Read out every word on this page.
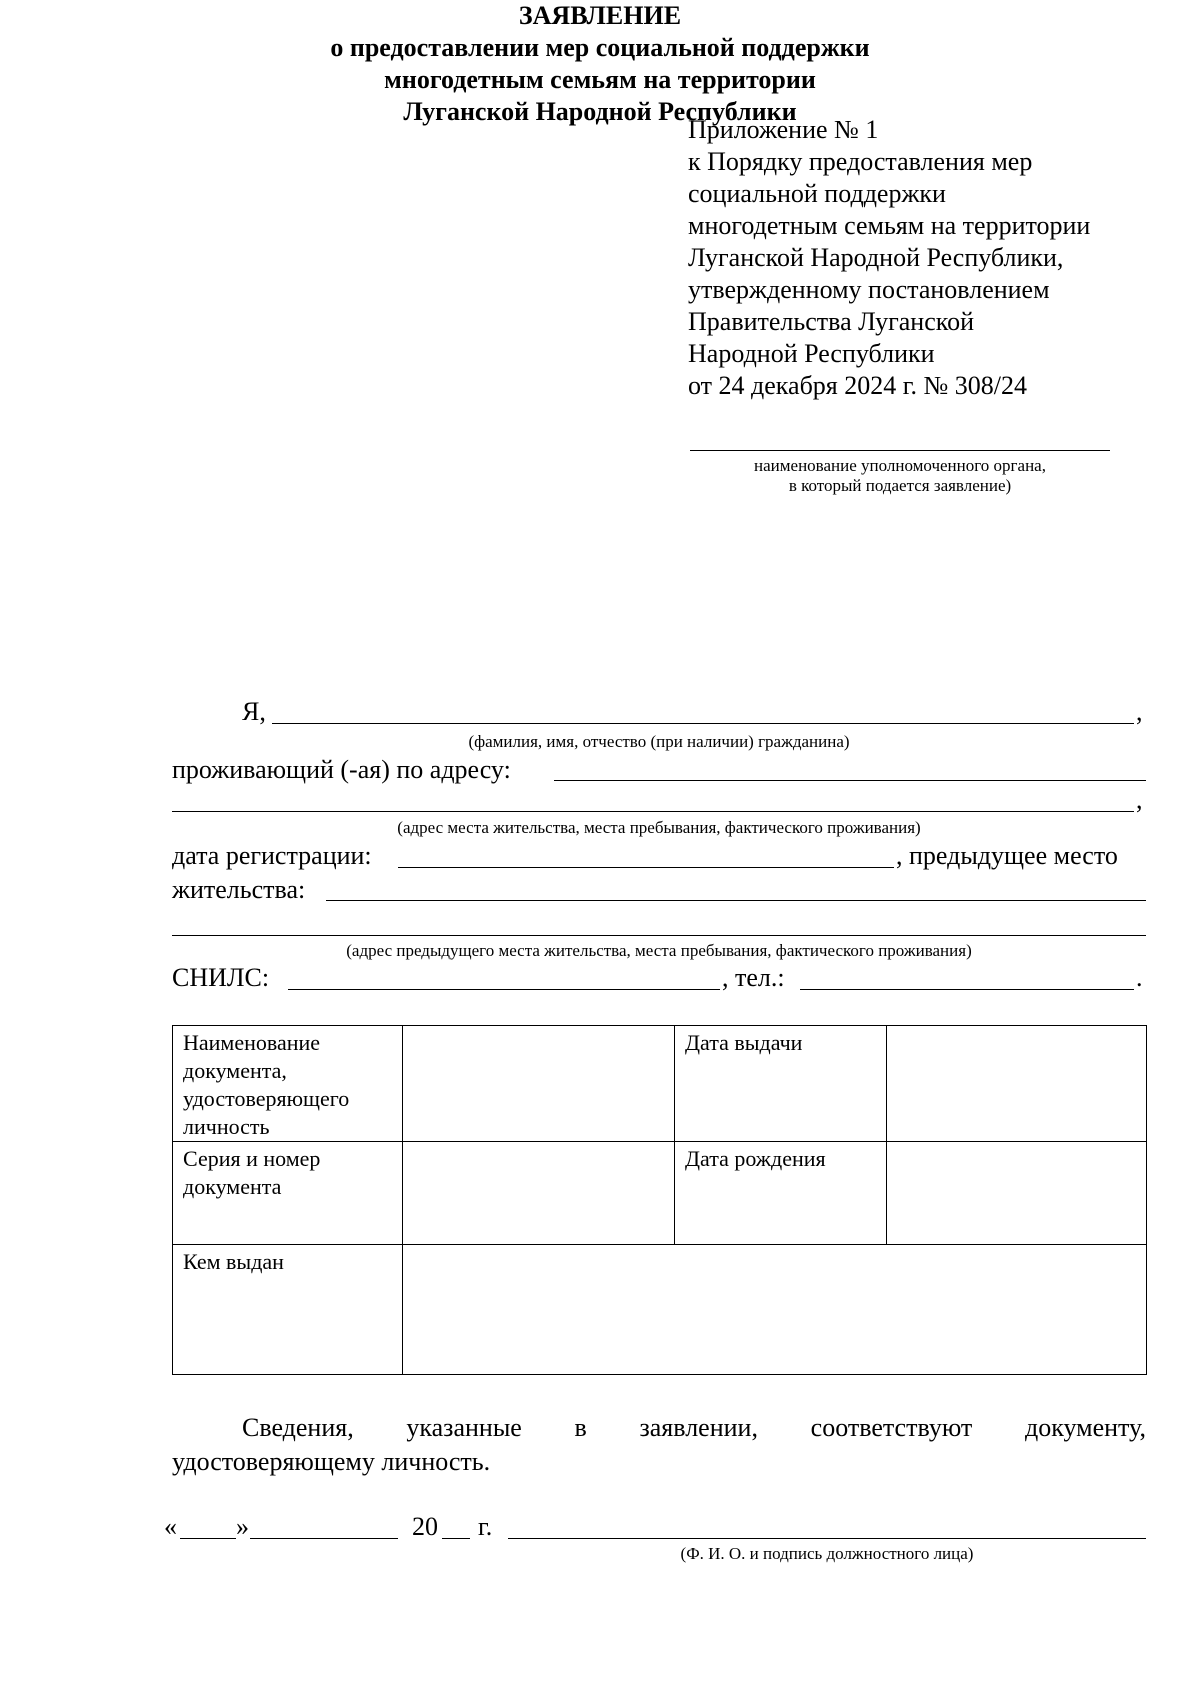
Приложение № 1
к Порядку предоставления мер
социальной поддержки
многодетным семьям на территории
Луганской Народной Республики,
утвержденному постановлением
Правительства Луганской
Народной Республики
от 24 декабря 2024 г. № 308/24
наименование уполномоченного органа,
в который подается заявление)
ЗАЯВЛЕНИЕ
о предоставлении мер социальной поддержки
многодетным семьям на территории
Луганской Народной Республики
Я,	,
(фамилия, имя, отчество (при наличии) гражданина)
проживающий (-ая) по адресу:
,
(адрес места жительства, места пребывания, фактического проживания)
дата регистрации:	, предыдущее место
жительства:
(адрес предыдущего места жительства, места пребывания, фактического проживания)
СНИЛС:	, тел.:	.
Наименование документа, удостоверяющего личность		Дата выдачи	
Серия и номер документа		Дата рождения	
Кем выдан			
Сведения, указанные в заявлении, соответствуют документу,
удостоверяющему личность.
« »	20 г.
(Ф. И. О. и подпись должностного лица)
